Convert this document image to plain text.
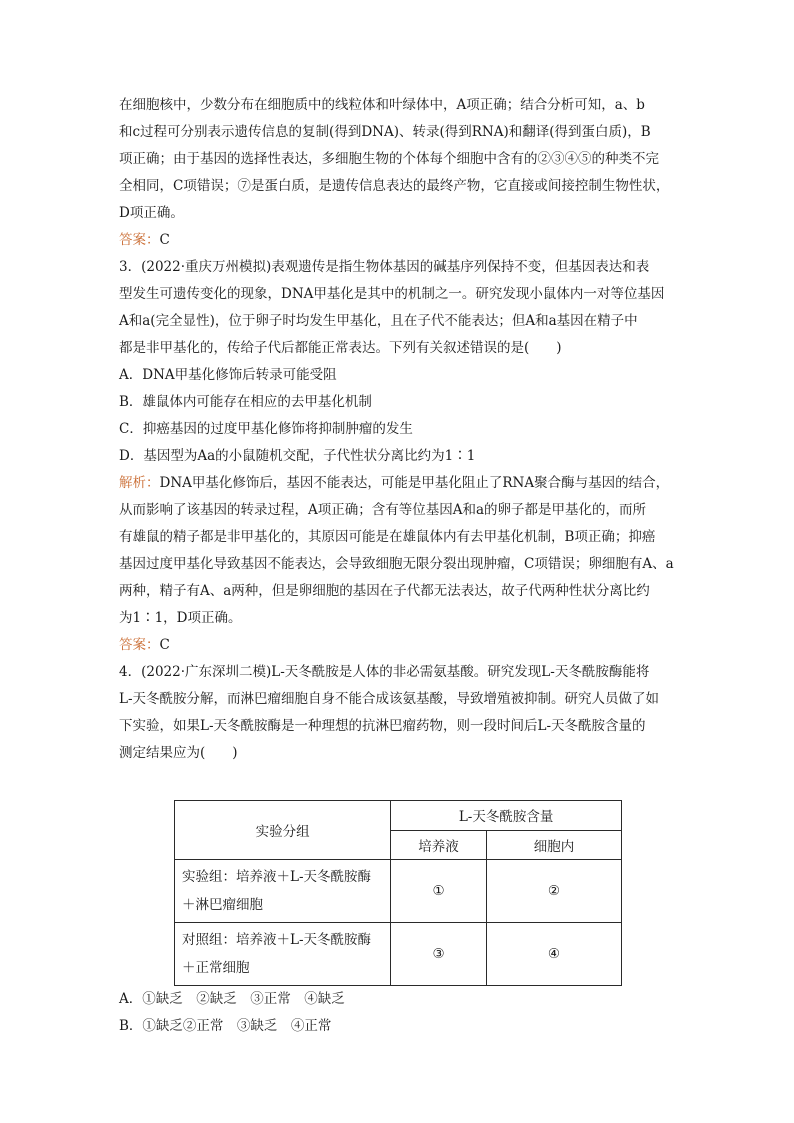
在细胞核中，少数分布在细胞质中的线粒体和叶绿体中，A项正确；结合分析可知，a、b
和c过程可分别表示遗传信息的复制(得到DNA)、转录(得到RNA)和翻译(得到蛋白质)，B
项正确；由于基因的选择性表达，多细胞生物的个体每个细胞中含有的②③④⑤的种类不完
全相同，C项错误；⑦是蛋白质，是遗传信息表达的最终产物，它直接或间接控制生物性状，
D项正确。
答案：C
3．(2022·重庆万州模拟)表观遗传是指生物体基因的碱基序列保持不变，但基因表达和表
型发生可遗传变化的现象，DNA甲基化是其中的机制之一。研究发现小鼠体内一对等位基因
A和a(完全显性)，位于卵子时均发生甲基化，且在子代不能表达；但A和a基因在精子中
都是非甲基化的，传给子代后都能正常表达。下列有关叙述错误的是(　　)
A．DNA甲基化修饰后转录可能受阻
B．雄鼠体内可能存在相应的去甲基化机制
C．抑癌基因的过度甲基化修饰将抑制肿瘤的发生
D．基因型为Aa的小鼠随机交配，子代性状分离比约为1∶1
解析：DNA甲基化修饰后，基因不能表达，可能是甲基化阻止了RNA聚合酶与基因的结合，
从而影响了该基因的转录过程，A项正确；含有等位基因A和a的卵子都是甲基化的，而所
有雄鼠的精子都是非甲基化的，其原因可能是在雄鼠体内有去甲基化机制，B项正确；抑癌
基因过度甲基化导致基因不能表达，会导致细胞无限分裂出现肿瘤，C项错误；卵细胞有A、a
两种，精子有A、a两种，但是卵细胞的基因在子代都无法表达，故子代两种性状分离比约
为1∶1，D项正确。
答案：C
4．(2022·广东深圳二模)L-天冬酰胺是人体的非必需氨基酸。研究发现L-天冬酰胺酶能将
L-天冬酰胺分解，而淋巴瘤细胞自身不能合成该氨基酸，导致增殖被抑制。研究人员做了如
下实验，如果L-天冬酰胺酶是一种理想的抗淋巴瘤药物，则一段时间后L-天冬酰胺含量的
测定结果应为(　　)
实验分组	L-天冬酰胺含量	
	培养液	细胞内

实验组：培养液＋L-天冬酰胺酶
＋淋巴瘤细胞	①	②

对照组：培养液＋L-天冬酰胺酶
＋正常细胞	③	④
A．①缺乏　②缺乏　③正常　④缺乏
B．①缺乏②正常　③缺乏　④正常
